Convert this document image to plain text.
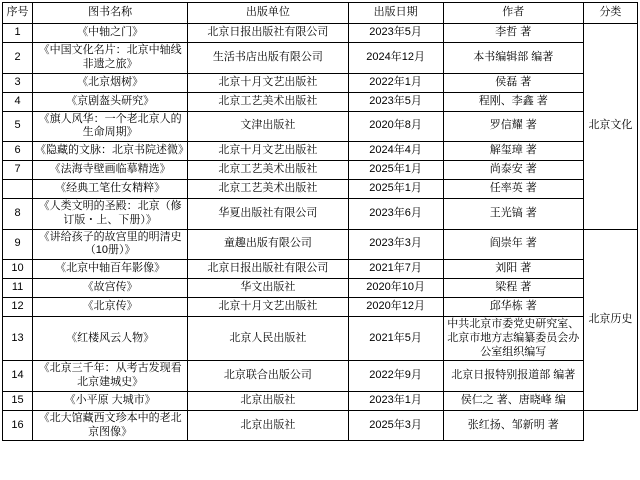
序号	图书名称	出版单位	出版日期	作者	分类
1	《中轴之门》	北京日报出版社有限公司	2023年5月	李哲 著	北京文化
2	《中国文化名片：北京中轴线非遗之旅》	生活书店出版有限公司	2024年12月	本书编辑部 编著	
3	《北京烟树》	北京十月文艺出版社	2022年1月	侯磊 著	
4	《京剧盔头研究》	北京工艺美术出版社	2023年5月	程刚、李鑫 著	
5	《旗人风华：一个老北京人的生命周期》	文津出版社	2020年8月	罗信耀 著	
6	《隐藏的文脉：北京书院述微》	北京十月文艺出版社	2024年4月	解玺璋 著	
7	《法海寺壁画临摹精选》	北京工艺美术出版社	2025年1月	尚泰安 著	
	《经典工笔仕女精粹》	北京工艺美术出版社	2025年1月	任率英 著	
8	《人类文明的圣殿：北京（修订版・上、下册）》	华夏出版社有限公司	2023年6月	王光镐 著	
9	《讲给孩子的故宫里的明清史（10册）》	童趣出版有限公司	2023年3月	阎崇年 著	北京历史
10	《北京中轴百年影像》	北京日报出版社有限公司	2021年7月	刘阳 著	
11	《故宫传》	华文出版社	2020年10月	梁程 著	
12	《北京传》	北京十月文艺出版社	2020年12月	邱华栋 著	
13	《红楼风云人物》	北京人民出版社	2021年5月	中共北京市委党史研究室、北京市地方志编纂委员会办公室组织编写	
14	《北京三千年：从考古发现看北京建城史》	北京联合出版公司	2022年9月	北京日报特别报道部 编著	
15	《小平原 大城市》	北京出版社	2023年1月	侯仁之 著、唐晓峰 编	
16	《北大馆藏西文珍本中的老北京图像》	北京出版社	2025年3月	张红扬、邹新明 著	
